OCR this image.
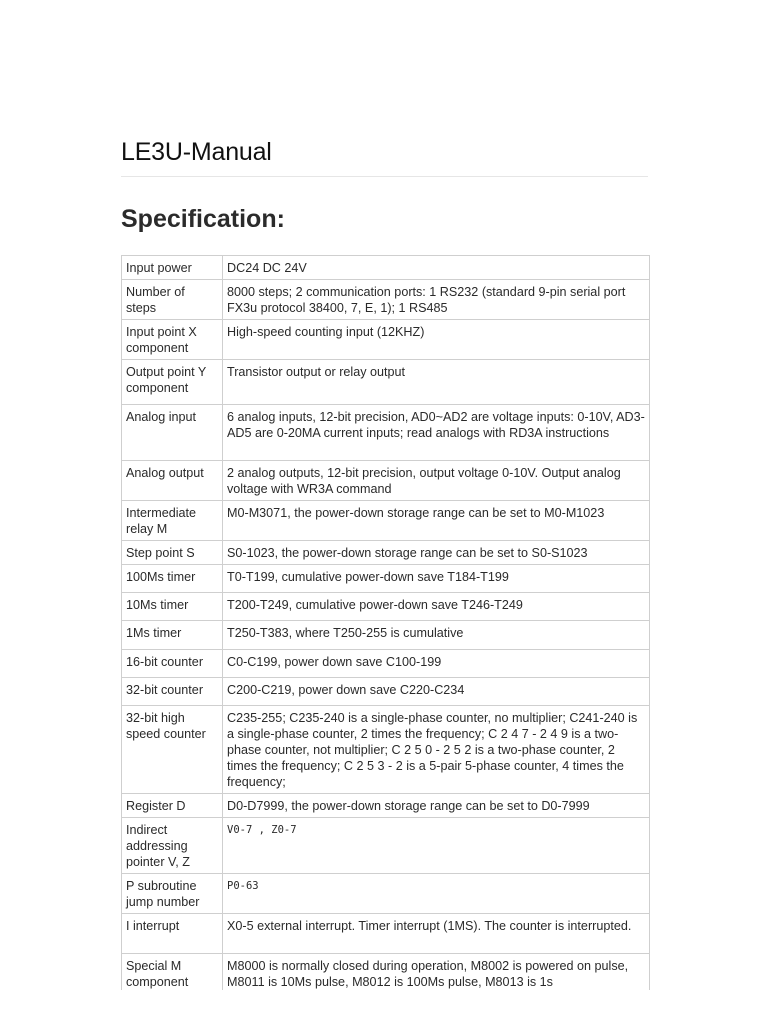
LE3U-Manual
Specification:
Input power	DC24 DC 24V
Number of steps	8000 steps; 2 communication ports: 1 RS232 (standard 9-pin serial port FX3u protocol 38400, 7, E, 1); 1 RS485
Input point X component	High-speed counting input (12KHZ)
Output point Y component	Transistor output or relay output
Analog input	6 analog inputs, 12-bit precision, AD0~AD2 are voltage inputs: 0-10V, AD3-AD5 are 0-20MA current inputs; read analogs with RD3A instructions
Analog output	2 analog outputs, 12-bit precision, output voltage 0-10V. Output analog voltage with WR3A command
Intermediate relay M	M0-M3071, the power-down storage range can be set to M0-M1023
Step point S	S0-1023, the power-down storage range can be set to S0-S1023
100Ms timer	T0-T199, cumulative power-down save T184-T199
10Ms timer	T200-T249, cumulative power-down save T246-T249
1Ms timer	T250-T383, where T250-255 is cumulative
16-bit counter	C0-C199, power down save C100-199
32-bit counter	C200-C219, power down save C220-C234
32-bit high speed counter	C235-255; C235-240 is a single-phase counter, no multiplier; C241-240 is a single-phase counter, 2 times the frequency; C 2 4 7 - 2 4 9 is a two-phase counter, not multiplier; C 2 5 0 - 2 5 2 is a two-phase counter, 2 times the frequency; C 2 5 3 - 2 is a 5-pair 5-phase counter, 4 times the frequency;
Register D	D0-D7999, the power-down storage range can be set to D0-7999
Indirect addressing pointer V, Z	V0-7 , Z0-7
P subroutine jump number	P0-63
I interrupt	X0-5 external interrupt. Timer interrupt (1MS). The counter is interrupted.
Special M component	M8000 is normally closed during operation, M8002 is powered on pulse, M8011 is 10Ms pulse, M8012 is 100Ms pulse, M8013 is 1s
